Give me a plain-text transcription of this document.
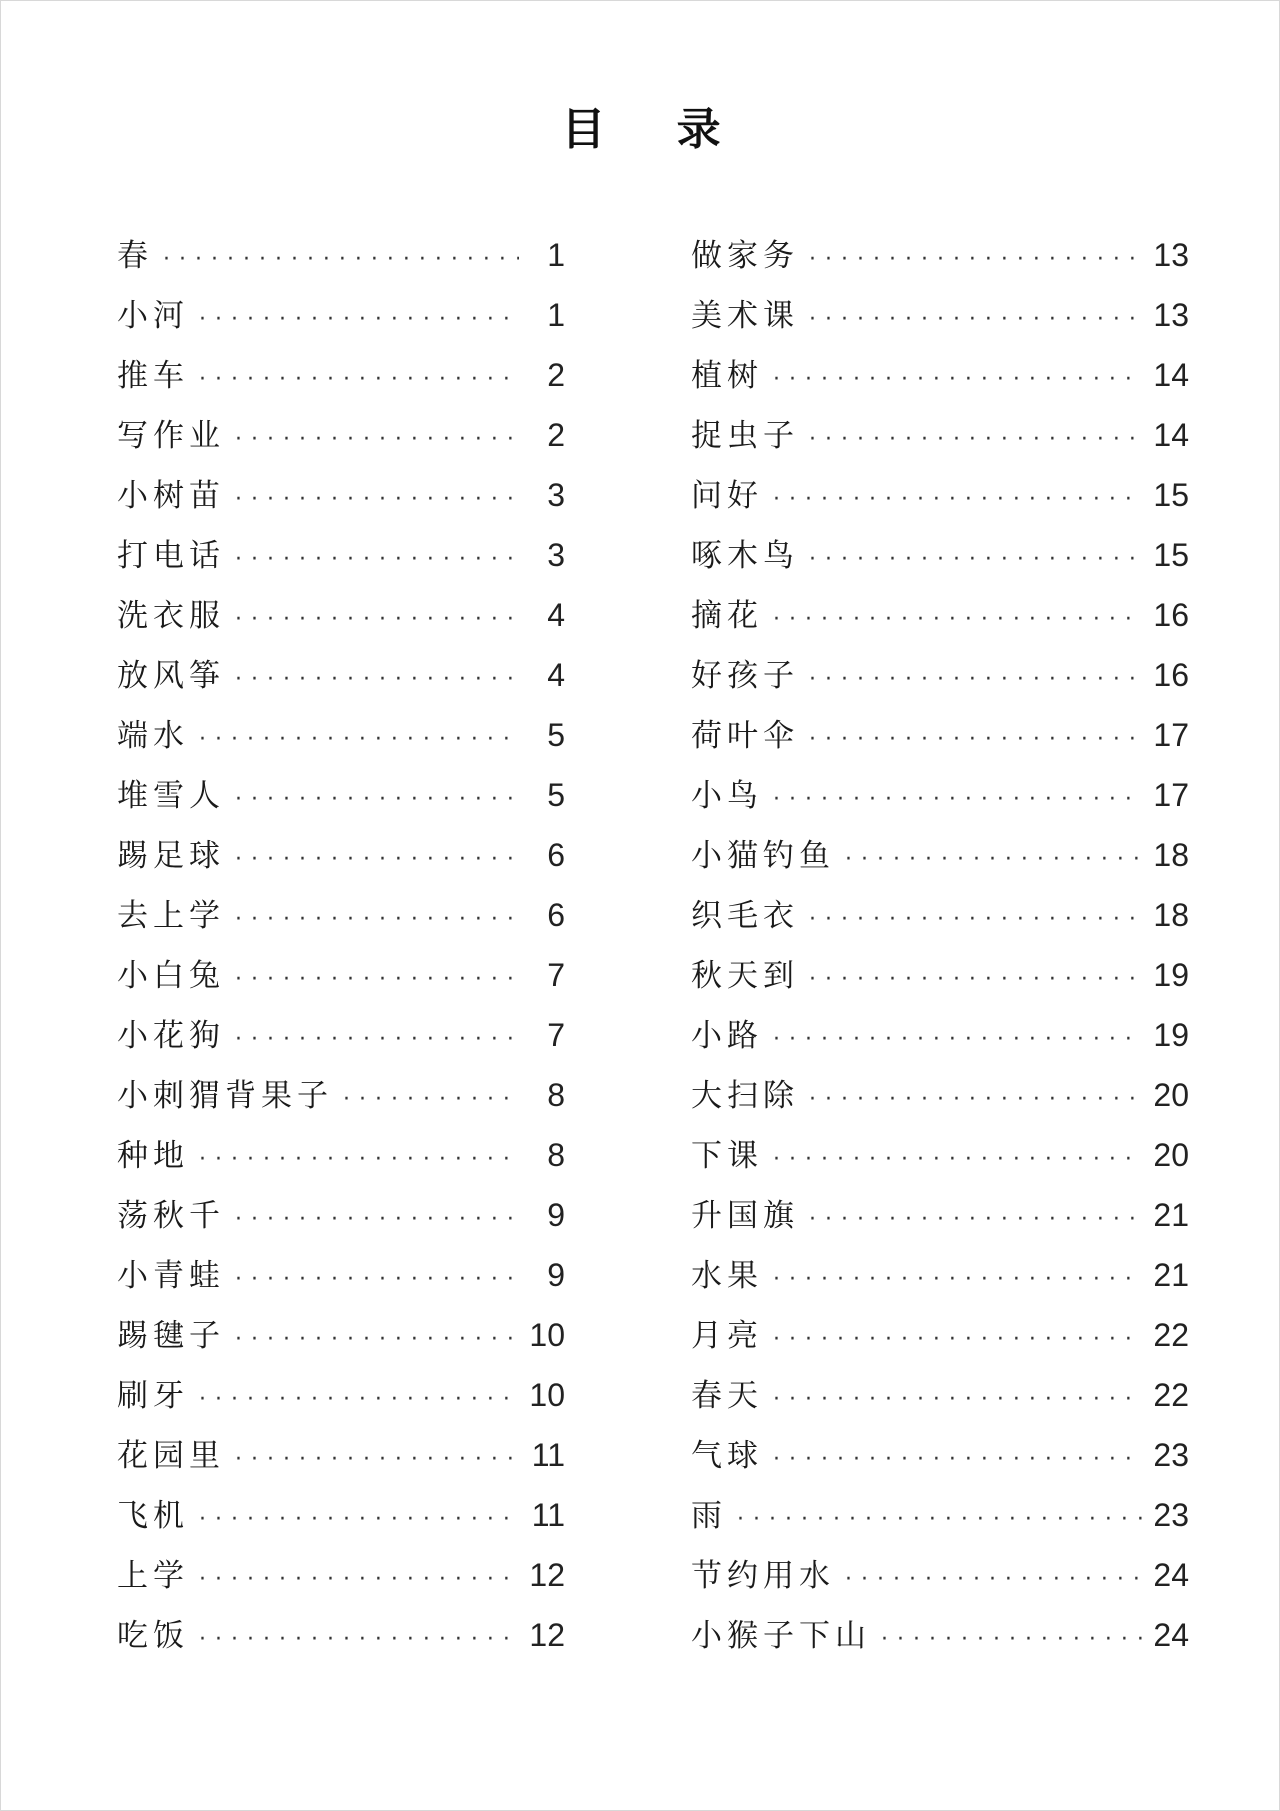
目 录
春 ·····	1
小河 ·····	1
推车 ·····	2
写作业 ·····	2
小树苗 ·····	3
打电话 ·····	3
洗衣服 ·····	4
放风筝 ·····	4
端水 ·····	5
堆雪人 ·····	5
踢足球 ·····	6
去上学 ·····	6
小白兔 ·····	7
小花狗 ·····	7
小刺猬背果子 ·····	8
种地 ·····	8
荡秋千 ·····	9
小青蛙 ·····	9
踢毽子 ·····	10
刷牙 ·····	10
花园里 ·····	11
飞机 ·····	11
上学 ·····	12
吃饭 ·····	12
做家务 ·····	13
美术课 ·····	13
植树 ·····	14
捉虫子 ·····	14
问好 ·····	15
啄木鸟 ·····	15
摘花 ·····	16
好孩子 ·····	16
荷叶伞 ·····	17
小鸟 ·····	17
小猫钓鱼 ·····	18
织毛衣 ·····	18
秋天到 ·····	19
小路 ·····	19
大扫除 ·····	20
下课 ·····	20
升国旗 ·····	21
水果 ·····	21
月亮 ·····	22
春天 ·····	22
气球 ·····	23
雨 ·····	23
节约用水 ·····	24
小猴子下山 ·····	24
